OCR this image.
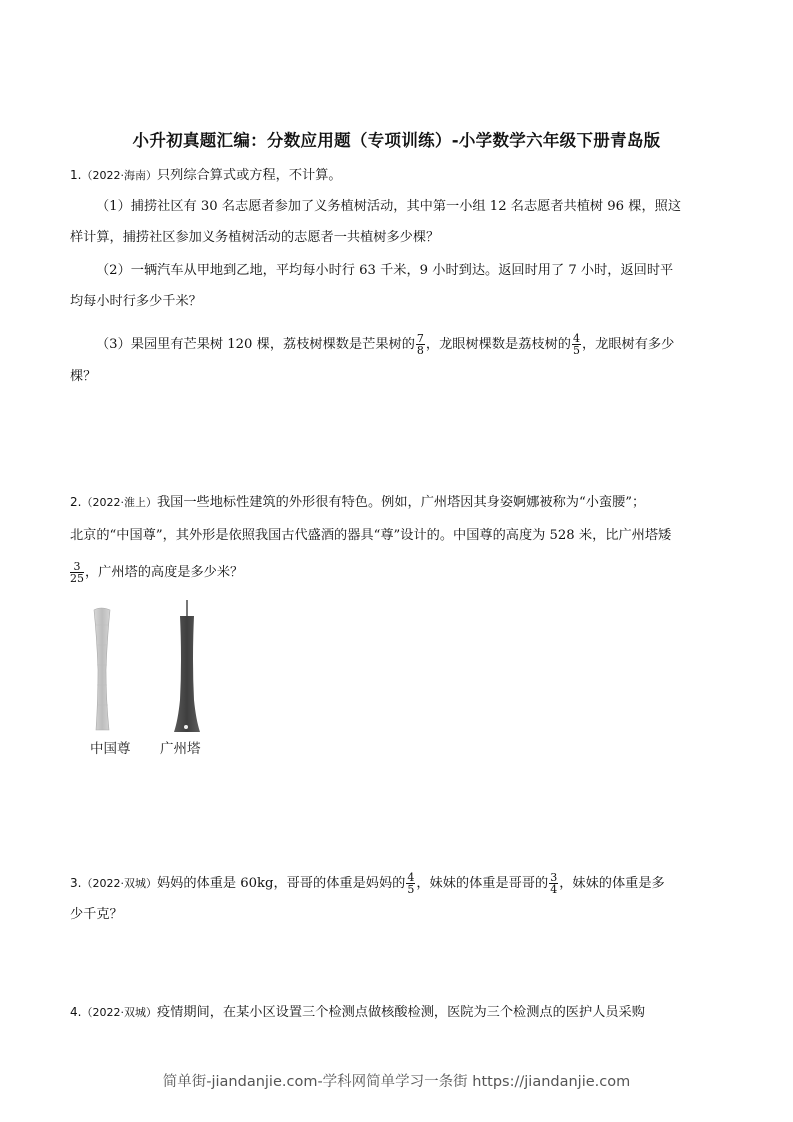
小升初真题汇编：分数应用题（专项训练）-小学数学六年级下册青岛版
1.（2022·海南）只列综合算式或方程，不计算。
（1）捕捞社区有 30 名志愿者参加了义务植树活动，其中第一小组 12 名志愿者共植树 96 棵，照这
样计算，捕捞社区参加义务植树活动的志愿者一共植树多少棵？
（2）一辆汽车从甲地到乙地，平均每小时行 63 千米，9 小时到达。返回时用了 7 小时，返回时平
均每小时行多少千米？
（3）果园里有芒果树 120 棵，荔枝树棵数是芒果树的 $\frac{7}{8}$ ，龙眼树棵数是荔枝树的 $\frac{4}{5}$ ，龙眼树有多少
棵？
2.（2022·淮上）我国一些地标性建筑的外形很有特色。例如，广州塔因其身姿婀娜被称为“小蛮腰”；
北京的“中国尊”，其外形是依照我国古代盛酒的器具“尊”设计的。中国尊的高度为 528 米，比广州塔矮
$\frac{3}{25}$ ，广州塔的高度是多少米？
中国尊 广州塔
3.（2022·双城）妈妈的体重是 60kg，哥哥的体重是妈妈的 $\frac{4}{5}$ ，妹妹的体重是哥哥的 $\frac{3}{4}$ ，妹妹的体重是多
少千克？
4.（2022·双城）疫情期间，在某小区设置三个检测点做核酸检测，医院为三个检测点的医护人员采购
简单街-jiandanjie.com-学科网简单学习一条街 https://jiandanjie.com
